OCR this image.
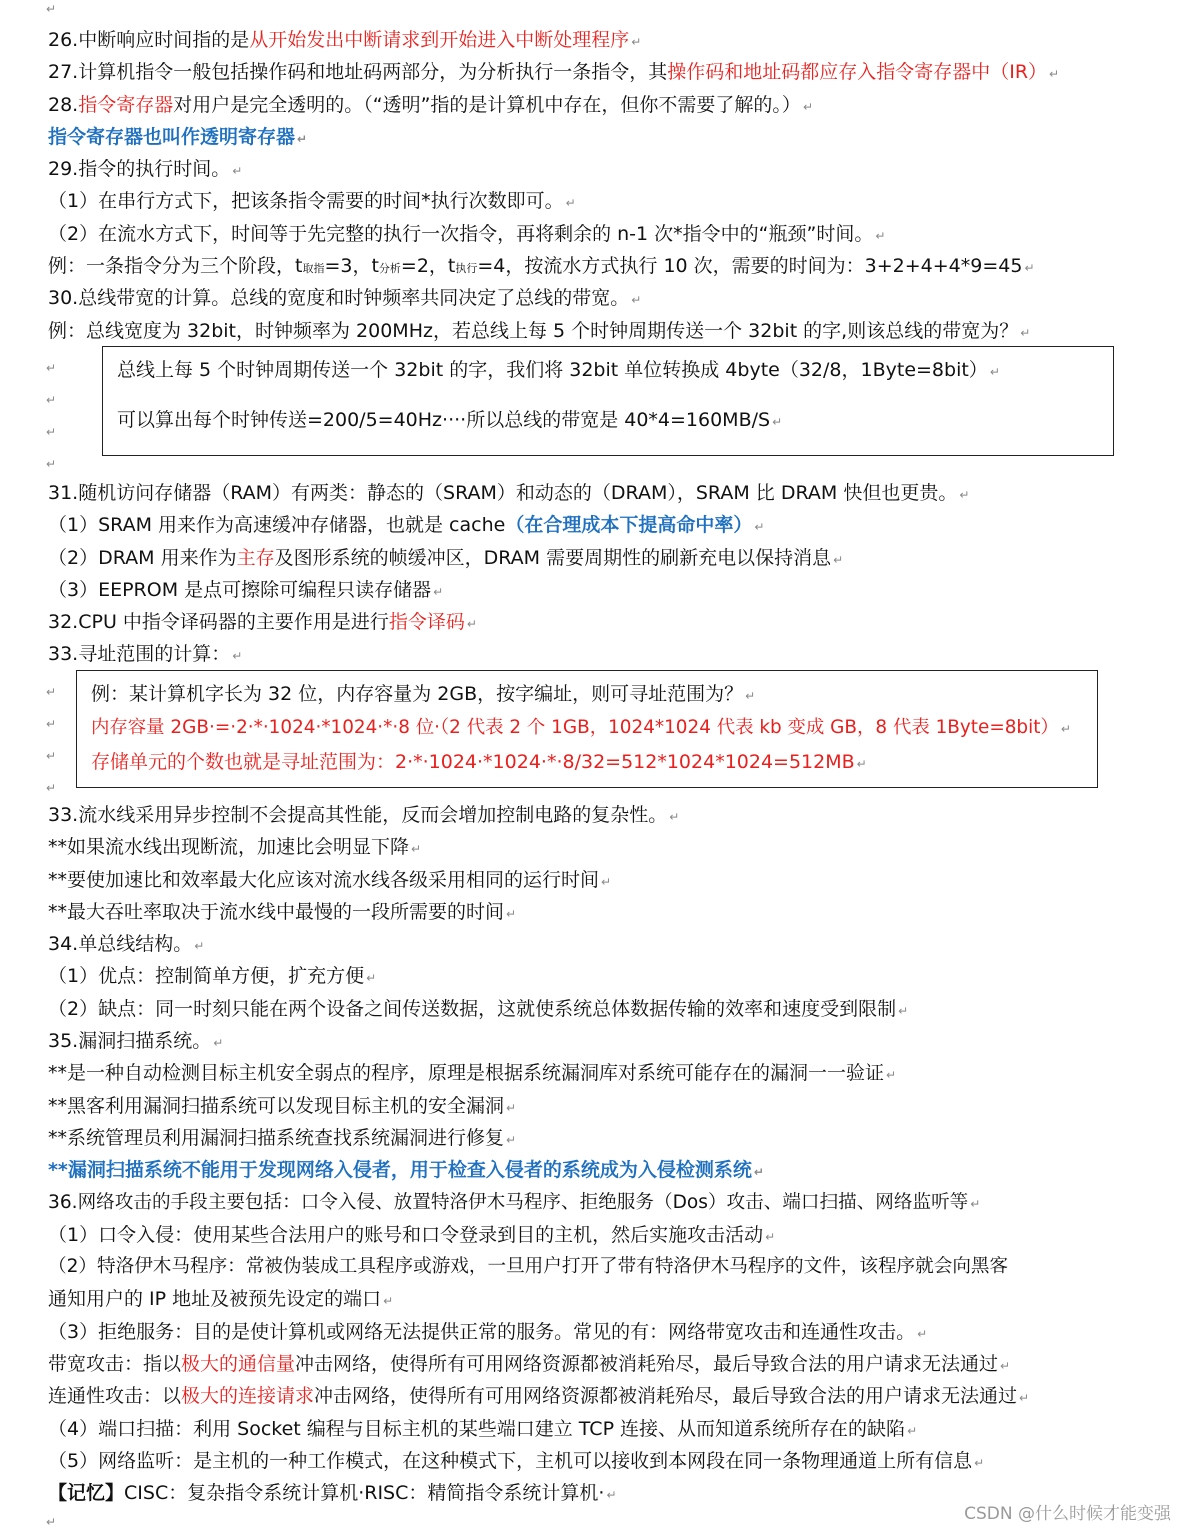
↵
26.中断响应时间指的是从开始发出中断请求到开始进入中断处理程序 ↵
27.计算机指令一般包括操作码和地址码两部分，为分析执行一条指令，其操作码和地址码都应存入指令寄存器中（IR） ↵
28.指令寄存器对用户是完全透明的。（“透明”指的是计算机中存在，但你不需要了解的。） ↵
指令寄存器也叫作透明寄存器 ↵
29.指令的执行时间。 ↵
（1）在串行方式下，把该条指令需要的时间*执行次数即可。 ↵
（2）在流水方式下，时间等于先完整的执行一次指令，再将剩余的 n-1 次*指令中的“瓶颈”时间。 ↵
例：一条指令分为三个阶段，t取指=3，t分析=2，t执行=4，按流水方式执行 10 次，需要的时间为：3+2+4+4*9=45 ↵
30.总线带宽的计算。总线的宽度和时钟频率共同决定了总线的带宽。 ↵
例：总线宽度为 32bit，时钟频率为 200MHz，若总线上每 5 个时钟周期传送一个 32bit 的字,则该总线的带宽为？ ↵
↵
↵
↵
↵
总线上每 5 个时钟周期传送一个 32bit 的字，我们将 32bit 单位转换成 4byte（32/8，1Byte=8bit） ↵
可以算出每个时钟传送=200/5=40Hz····所以总线的带宽是 40*4=160MB/S ↵
31.随机访问存储器（RAM）有两类：静态的（SRAM）和动态的（DRAM），SRAM 比 DRAM 快但也更贵。 ↵
（1）SRAM 用来作为高速缓冲存储器，也就是 cache（在合理成本下提高命中率） ↵
（2）DRAM 用来作为主存及图形系统的帧缓冲区，DRAM 需要周期性的刷新充电以保持消息 ↵
（3）EEPROM 是点可擦除可编程只读存储器 ↵
32.CPU 中指令译码器的主要作用是进行指令译码 ↵
33.寻址范围的计算： ↵
↵
↵
↵
↵
例：某计算机字长为 32 位，内存容量为 2GB，按字编址，则可寻址范围为？ ↵
内存容量 2GB·=·2·*·1024·*1024·*·8 位·（2 代表 2 个 1GB，1024*1024 代表 kb 变成 GB，8 代表 1Byte=8bit） ↵
存储单元的个数也就是寻址范围为：2·*·1024·*1024·*·8/32=512*1024*1024=512MB ↵
33.流水线采用异步控制不会提高其性能，反而会增加控制电路的复杂性。 ↵
**如果流水线出现断流，加速比会明显下降 ↵
**要使加速比和效率最大化应该对流水线各级采用相同的运行时间 ↵
**最大吞吐率取决于流水线中最慢的一段所需要的时间 ↵
34.单总线结构。 ↵
（1）优点：控制简单方便，扩充方便 ↵
（2）缺点：同一时刻只能在两个设备之间传送数据，这就使系统总体数据传输的效率和速度受到限制 ↵
35.漏洞扫描系统。 ↵
**是一种自动检测目标主机安全弱点的程序，原理是根据系统漏洞库对系统可能存在的漏洞一一验证 ↵
**黑客利用漏洞扫描系统可以发现目标主机的安全漏洞 ↵
**系统管理员利用漏洞扫描系统查找系统漏洞进行修复 ↵
**漏洞扫描系统不能用于发现网络入侵者，用于检查入侵者的系统成为入侵检测系统 ↵
36.网络攻击的手段主要包括：口令入侵、放置特洛伊木马程序、拒绝服务（Dos）攻击、端口扫描、网络监听等 ↵
（1）口令入侵：使用某些合法用户的账号和口令登录到目的主机，然后实施攻击活动 ↵
（2）特洛伊木马程序：常被伪装成工具程序或游戏，一旦用户打开了带有特洛伊木马程序的文件，该程序就会向黑客
通知用户的 IP 地址及被预先设定的端口 ↵
（3）拒绝服务：目的是使计算机或网络无法提供正常的服务。常见的有：网络带宽攻击和连通性攻击。 ↵
带宽攻击：指以极大的通信量冲击网络，使得所有可用网络资源都被消耗殆尽，最后导致合法的用户请求无法通过 ↵
连通性攻击：以极大的连接请求冲击网络，使得所有可用网络资源都被消耗殆尽，最后导致合法的用户请求无法通过 ↵
（4）端口扫描：利用 Socket 编程与目标主机的某些端口建立 TCP 连接、从而知道系统所存在的缺陷 ↵
（5）网络监听：是主机的一种工作模式，在这种模式下，主机可以接收到本网段在同一条物理通道上所有信息 ↵
【记忆】CISC：复杂指令系统计算机·RISC：精简指令系统计算机· ↵
↵	CSDN @什么时候才能变强
